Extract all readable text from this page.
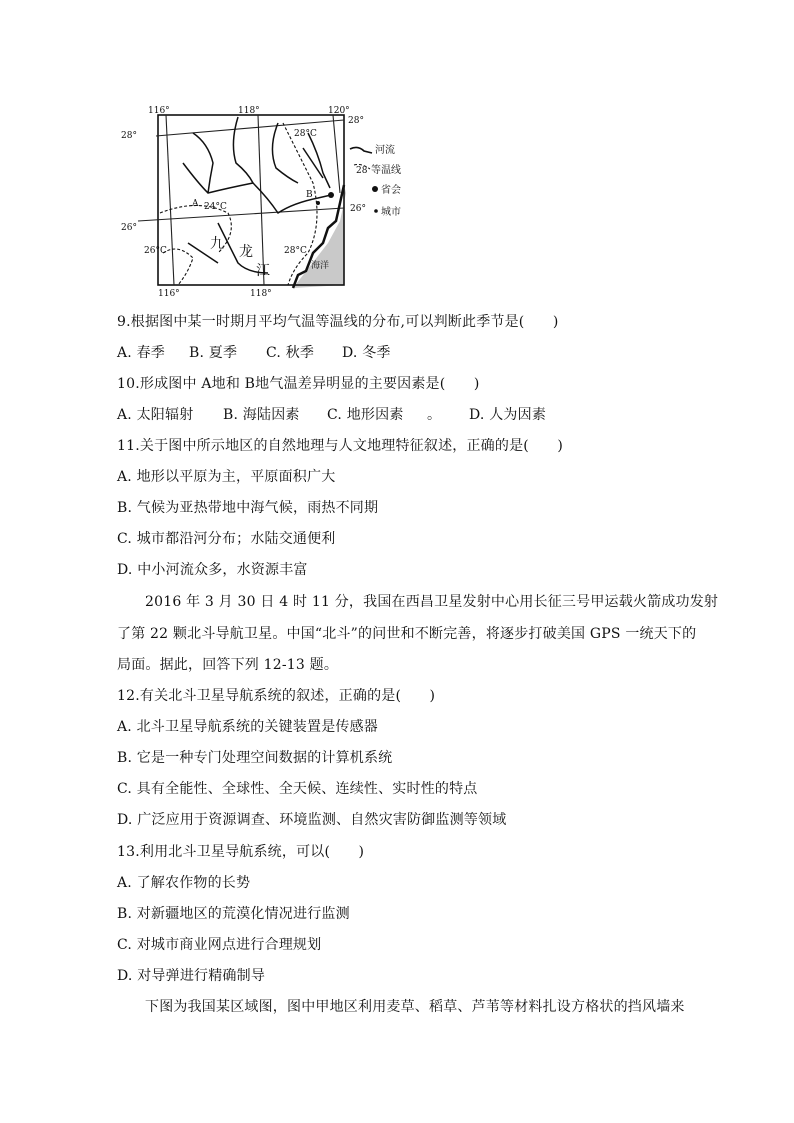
116°	118°	120°
116°	118°
28°
26°
28°
26°
28°C
24°C
26°C	28°C
A
B
九 龙
江	海洋
河流
28 等温线
省会
城市
9.根据图中某一时期月平均气温等温线的分布,可以判断此季节是(　　)
A. 春季 B. 夏季 C. 秋季 D. 冬季
10.形成图中 A地和 B地气温差异明显的主要因素是(　　)
A. 太阳辐射 B. 海陆因素 C. 地形因素 。 D. 人为因素
11.关于图中所示地区的自然地理与人文地理特征叙述，正确的是(　　)
A. 地形以平原为主，平原面积广大
B. 气候为亚热带地中海气候，雨热不同期
C. 城市都沿河分布；水陆交通便利
D. 中小河流众多，水资源丰富
2016 年 3 月 30 日 4 时 11 分，我国在西昌卫星发射中心用长征三号甲运载火箭成功发射
了第 22 颗北斗导航卫星。中国“北斗”的问世和不断完善，将逐步打破美国 GPS 一统天下的
局面。据此，回答下列 12-13 题。
12.有关北斗卫星导航系统的叙述，正确的是(　　)
A. 北斗卫星导航系统的关键装置是传感器
B. 它是一种专门处理空间数据的计算机系统
C. 具有全能性、全球性、全天候、连续性、实时性的特点
D. 广泛应用于资源调查、环境监测、自然灾害防御监测等领域
13.利用北斗卫星导航系统，可以(　　)
A. 了解农作物的长势
B. 对新疆地区的荒漠化情况进行监测
C. 对城市商业网点进行合理规划
D. 对导弹进行精确制导
下图为我国某区域图，图中甲地区利用麦草、稻草、芦苇等材料扎设方格状的挡风墙来
